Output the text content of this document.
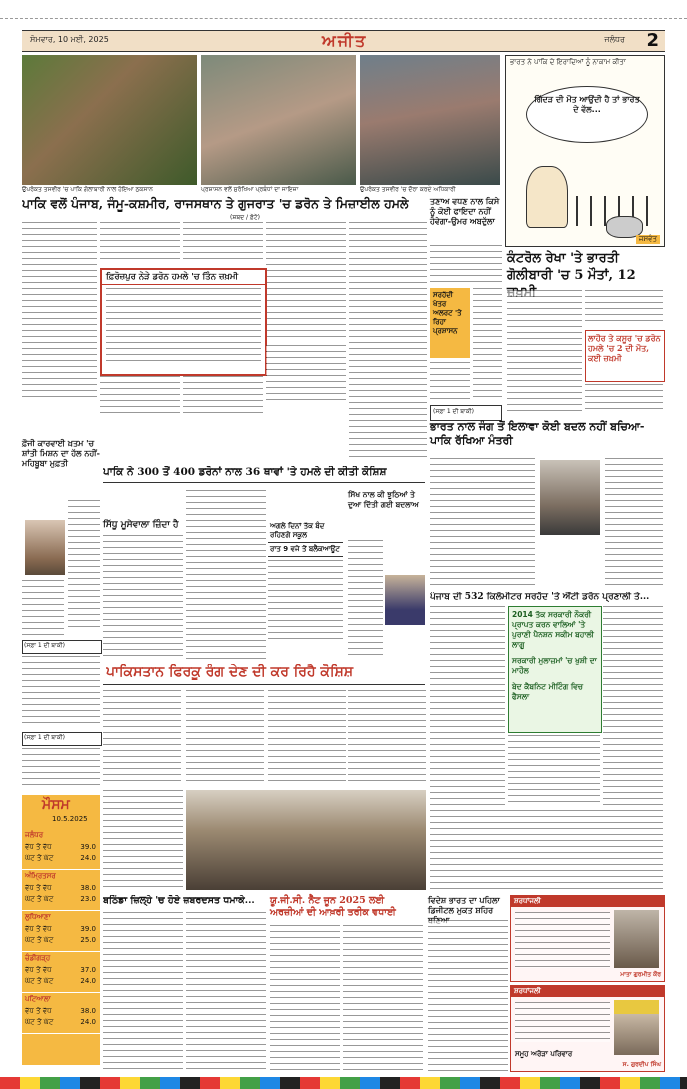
ਸੋਮਵਾਰ, 10 ਮਈ, 2025	ਅਜੀਤ	ਜਲੰਧਰ 2
ਉਪਰੋਕਤ ਤਸਵੀਰ 'ਚ ਪਾਕਿ ਗੋਲਾਬਾਰੀ ਨਾਲ ਹੋਇਆ ਨੁਕਸਾਨ	ਪ੍ਰਸ਼ਾਸਨ ਵਲੋਂ ਸੁਰੱਖਿਆ ਪ੍ਰਬੰਧਾਂ ਦਾ ਜਾਇਜ਼ਾ	ਉਪਰੋਕਤ ਤਸਵੀਰ 'ਚ ਦੌਰਾ ਕਰਦੇ ਅਧਿਕਾਰੀ
ਭਾਰਤ ਨੇ ਪਾਕਿ ਦੇ ਇਰਾਦਿਆਂ ਨੂੰ ਨਾਕਾਮ ਕੀਤਾ
ਗਿੱਦੜ ਦੀ ਮੌਤ ਆਉਂਦੀ ਹੈ ਤਾਂ ਭਾਰਤ ਦੇ ਵੱਲ...
ਜਸਵੰਤ
ਪਾਕਿ ਵਲੋਂ ਪੰਜਾਬ, ਜੰਮੂ-ਕਸ਼ਮੀਰ, ਰਾਜਸਥਾਨ ਤੇ ਗੁਜਰਾਤ 'ਚ ਡਰੋਨ ਤੇ ਮਿਜ਼ਾਈਲ ਹਮਲੇ
(ਸ਼ਬਦ / ਫ਼ੋਟੋ)
ਫ਼ਿਰੋਜ਼ਪੁਰ ਨੇੜੇ ਡਰੋਨ ਹਮਲੇ 'ਚ ਤਿੰਨ ਜ਼ਖ਼ਮੀ
ਤਣਾਅ ਵਧਣ ਨਾਲ ਕਿਸੇ ਨੂੰ ਕੋਈ ਫਾਇਦਾ ਨਹੀਂ ਹੋਵੇਗਾ-ਉਮਰ ਅਬਦੁੱਲਾ
ਸਰਹੱਦੀ ਖੇਤਰ ਅਲਰਟ 'ਤੇ ਰਿਹਾ ਪ੍ਰਸ਼ਾਸਨ
(ਸਫ਼ਾ 1 ਦੀ ਬਾਕੀ)
ਕੰਟਰੋਲ ਰੇਖਾ 'ਤੇ ਭਾਰਤੀ ਗੋਲੀਬਾਰੀ 'ਚ 5 ਮੌਤਾਂ, 12
ਲਾਹੌਰ ਤੇ ਕਸੂਰ 'ਚ ਡਰੋਨ ਹਮਲੇ 'ਚ 2 ਦੀ ਮੌਤ, ਕਈ ਜ਼ਖ਼ਮੀ
ਭਾਰਤ ਨਾਲ ਜੰਗ ਤੋਂ ਇਲਾਵਾ ਕੋਈ ਬਦਲ ਨਹੀਂ ਬਚਿਆ-ਪਾਕਿ ਰੱਖਿਆ ਮੰਤਰੀ
ਪੰਜਾਬ ਦੀ 532 ਕਿਲੋਮੀਟਰ ਸਰਹੱਦ 'ਤੇ ਐਂਟੀ ਡਰੋਨ ਪ੍ਰਣਾਲੀ ਤੇ...
2014 ਤੱਕ ਸਰਕਾਰੀ ਨੌਕਰੀ ਪ੍ਰਾਪਤ ਕਰਨ ਵਾਲਿਆਂ 'ਤੇ ਪੁਰਾਣੀ ਪੈਨਸ਼ਨ ਸਕੀਮ ਬਹਾਲੀ ਲਾਗੂ
ਸਰਕਾਰੀ ਮੁਲਾਜ਼ਮਾਂ 'ਚ ਖੁਸ਼ੀ ਦਾ ਮਾਹੌਲ
ਬੇਦ ਕੈਬਨਿਟ ਮੀਟਿੰਗ ਵਿਚ ਫੈਸਲਾ
ਫ਼ੌਜੀ ਕਾਰਵਾਈ ਖ਼ਤਮ 'ਚ ਸ਼ਾਂਤੀ ਮਿਸ਼ਨ ਦਾ ਹੱਲ ਨਹੀਂ-ਮਹਿਬੂਬਾ ਮੁਫ਼ਤੀ
ਪਾਕਿ ਨੇ 300 ਤੋਂ 400 ਡਰੋਨਾਂ ਨਾਲ 36 ਥਾਵਾਂ 'ਤੇ ਹਮਲੇ ਦੀ ਕੀਤੀ ਕੋਸ਼ਿਸ਼
ਸਿੱਧੂ ਮੂਸੇਵਾਲਾ ਜ਼ਿੰਦਾ ਹੈ	ਅਗਲੇ ਦਿਨਾਂ ਤੱਕ ਬੰਦ ਰਹਿਣਗੇ ਸਕੂਲ
ਰਾਤ 9 ਵਜੇ ਤੋਂ ਬਲੈਕਆਊਟ
ਸਿੱਖ ਨਾਲ ਕੀ ਝੂਠਿਆਂ ਤੇ ਦੁਆ ਦਿੱਤੀ ਗਈ ਬਦਲਾਅ
(ਸਫ਼ਾ 1 ਦੀ ਬਾਕੀ)
ਪਾਕਿਸਤਾਨ ਫਿਰਕੂ ਰੰਗ ਦੇਣ ਦੀ ਕਰ ਰਿਹੈ ਕੋਸ਼ਿਸ਼
(ਸਫ਼ਾ 1 ਦੀ ਬਾਕੀ)
ਮੌਸਮ
10.5.2025
ਜਲੰਧਰ
ਵੱਧ ਤੋਂ ਵੱਧ	39.0
ਘੱਟ ਤੋਂ ਘੱਟ	24.0
ਅੰਮ੍ਰਿਤਸਰ
ਵੱਧ ਤੋਂ ਵੱਧ	38.0
ਘੱਟ ਤੋਂ ਘੱਟ	23.0
ਲੁਧਿਆਣਾ
ਵੱਧ ਤੋਂ ਵੱਧ	39.0
ਘੱਟ ਤੋਂ ਘੱਟ	25.0
ਚੰਡੀਗੜ੍ਹ
ਵੱਧ ਤੋਂ ਵੱਧ	37.0
ਘੱਟ ਤੋਂ ਘੱਟ	24.0
ਪਟਿਆਲਾ
ਵੱਧ ਤੋਂ ਵੱਧ	38.0
ਘੱਟ ਤੋਂ ਘੱਟ	24.0
ਬਠਿੰਡਾ ਜ਼ਿਲ੍ਹੇ 'ਚ ਹੋਏ ਜ਼ਬਰਦਸਤ ਧਮਾਕੇ...	ਯੂ.ਜੀ.ਸੀ. ਨੈੱਟ ਜੂਨ 2025 ਲਈ ਅਰਜ਼ੀਆਂ ਦੀ ਆਖ਼ਰੀ ਤਰੀਕ ਵਧਾਈ
ਵਿਦੇਸ਼ ਭਾਰਤ ਦਾ ਪਹਿਲਾ ਡਿਜੀਟਲ ਮੁਕਤ ਸ਼ਹਿਰ
ਸ਼ਰਧਾਂਜਲੀ
ਮਾਤਾ ਗੁਰਮੀਤ ਕੌਰ
ਸ਼ਰਧਾਂਜਲੀ
ਸਮੂਹ ਅਰੋੜਾ ਪਰਿਵਾਰ
ਸ. ਗੁਰਦੀਪ ਸਿੰਘ
